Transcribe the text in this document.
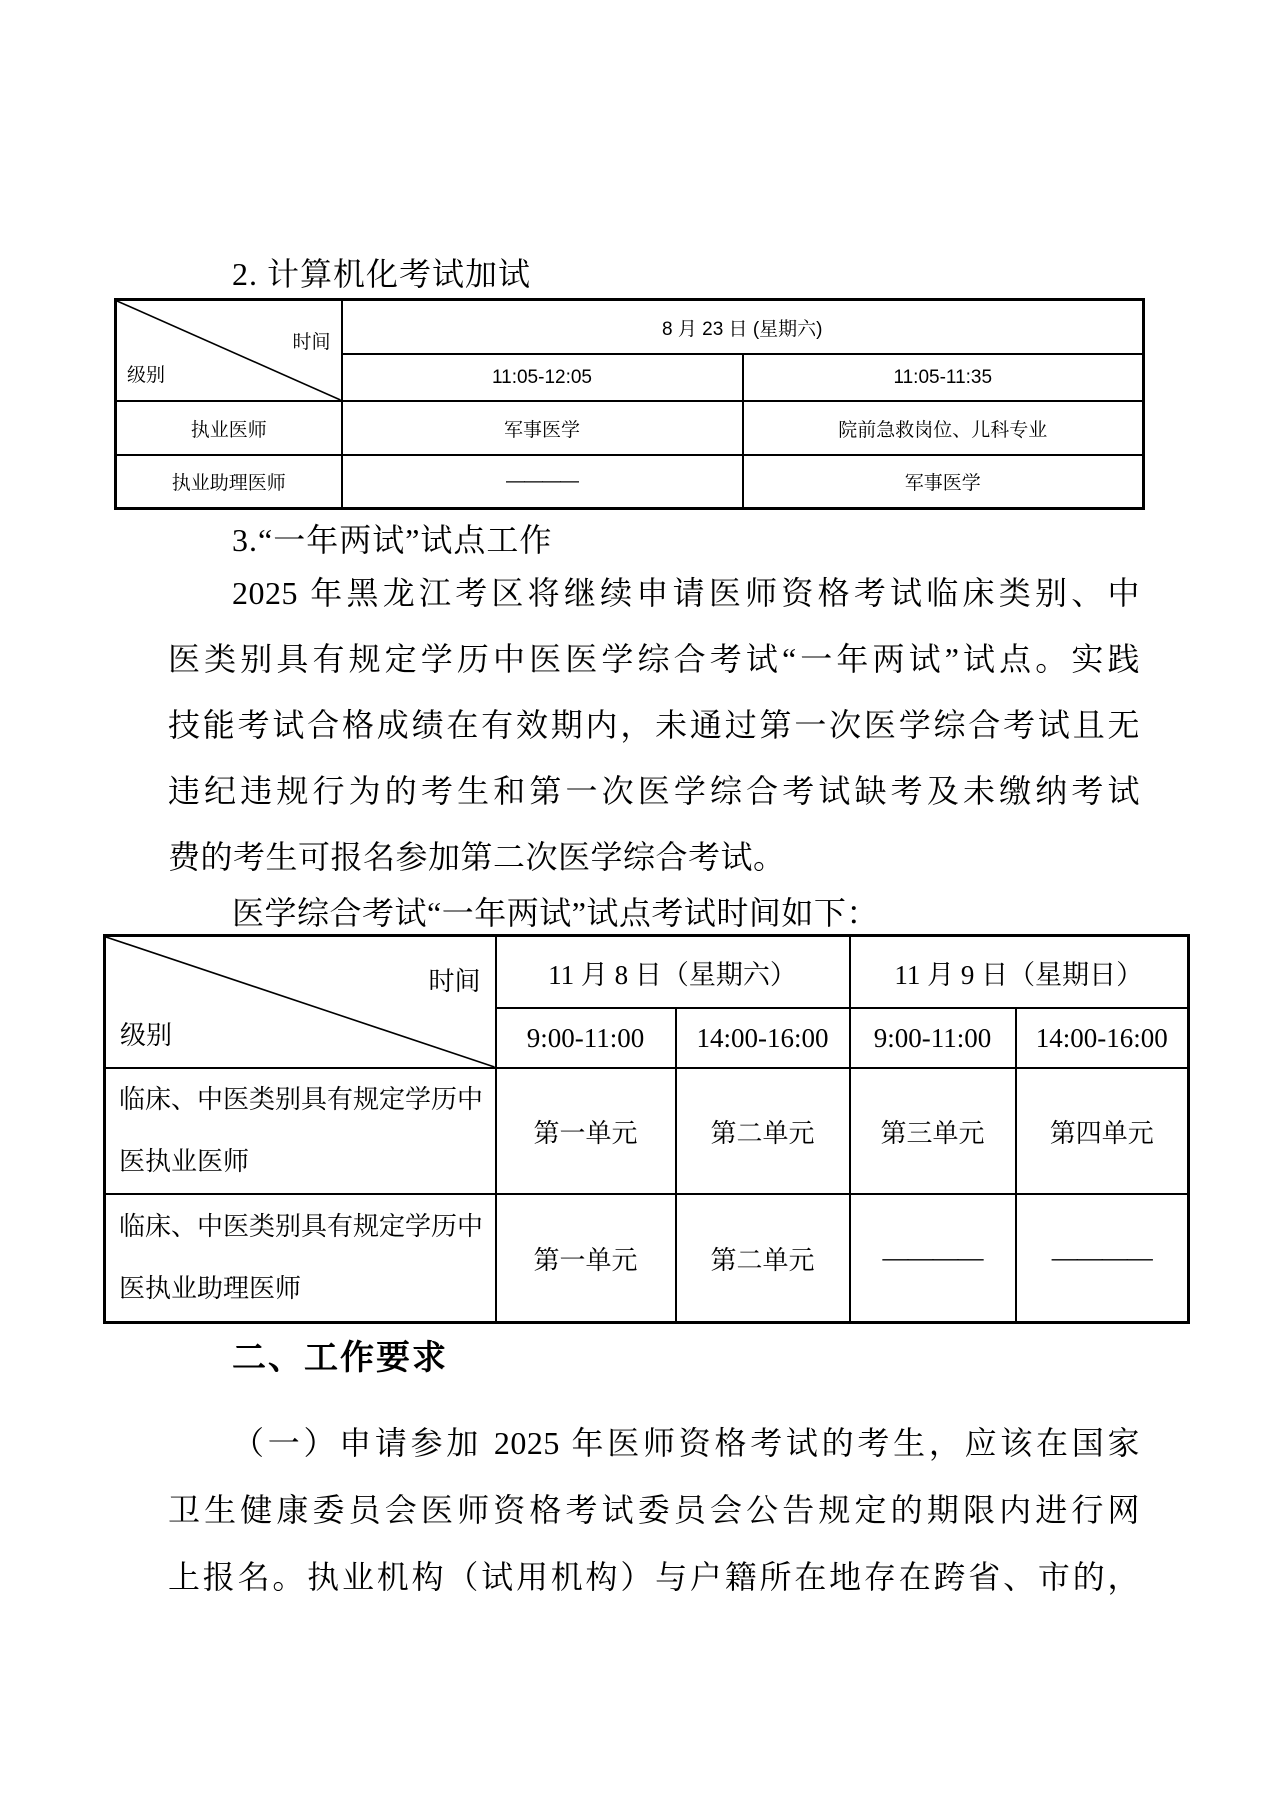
2. 计算机化考试加试
时间
级别	8 月 23 日 (星期六)	
	11:05-12:05	11:05-11:35
执业医师	军事医学	院前急救岗位、儿科专业
执业助理医师	————	军事医学
3.“一年两试”试点工作
2025 年黑龙江考区将继续申请医师资格考试临床类别、中
医类别具有规定学历中医医学综合考试“一年两试”试点。实践
技能考试合格成绩在有效期内，未通过第一次医学综合考试且无
违纪违规行为的考生和第一次医学综合考试缺考及未缴纳考试
费的考生可报名参加第二次医学综合考试。
医学综合考试“一年两试”试点考试时间如下：
时间
级别	11 月 8 日（星期六）		11 月 9 日（星期日）	
	9:00-11:00	14:00-16:00	9:00-11:00	14:00-16:00
临床、中医类别具有规定学历中医执业医师	第一单元	第二单元	第三单元	第四单元
临床、中医类别具有规定学历中医执业助理医师	第一单元	第二单元	————	————
二、工作要求
（一）申请参加 2025 年医师资格考试的考生，应该在国家
卫生健康委员会医师资格考试委员会公告规定的期限内进行网
上报名。执业机构（试用机构）与户籍所在地存在跨省、市的，
